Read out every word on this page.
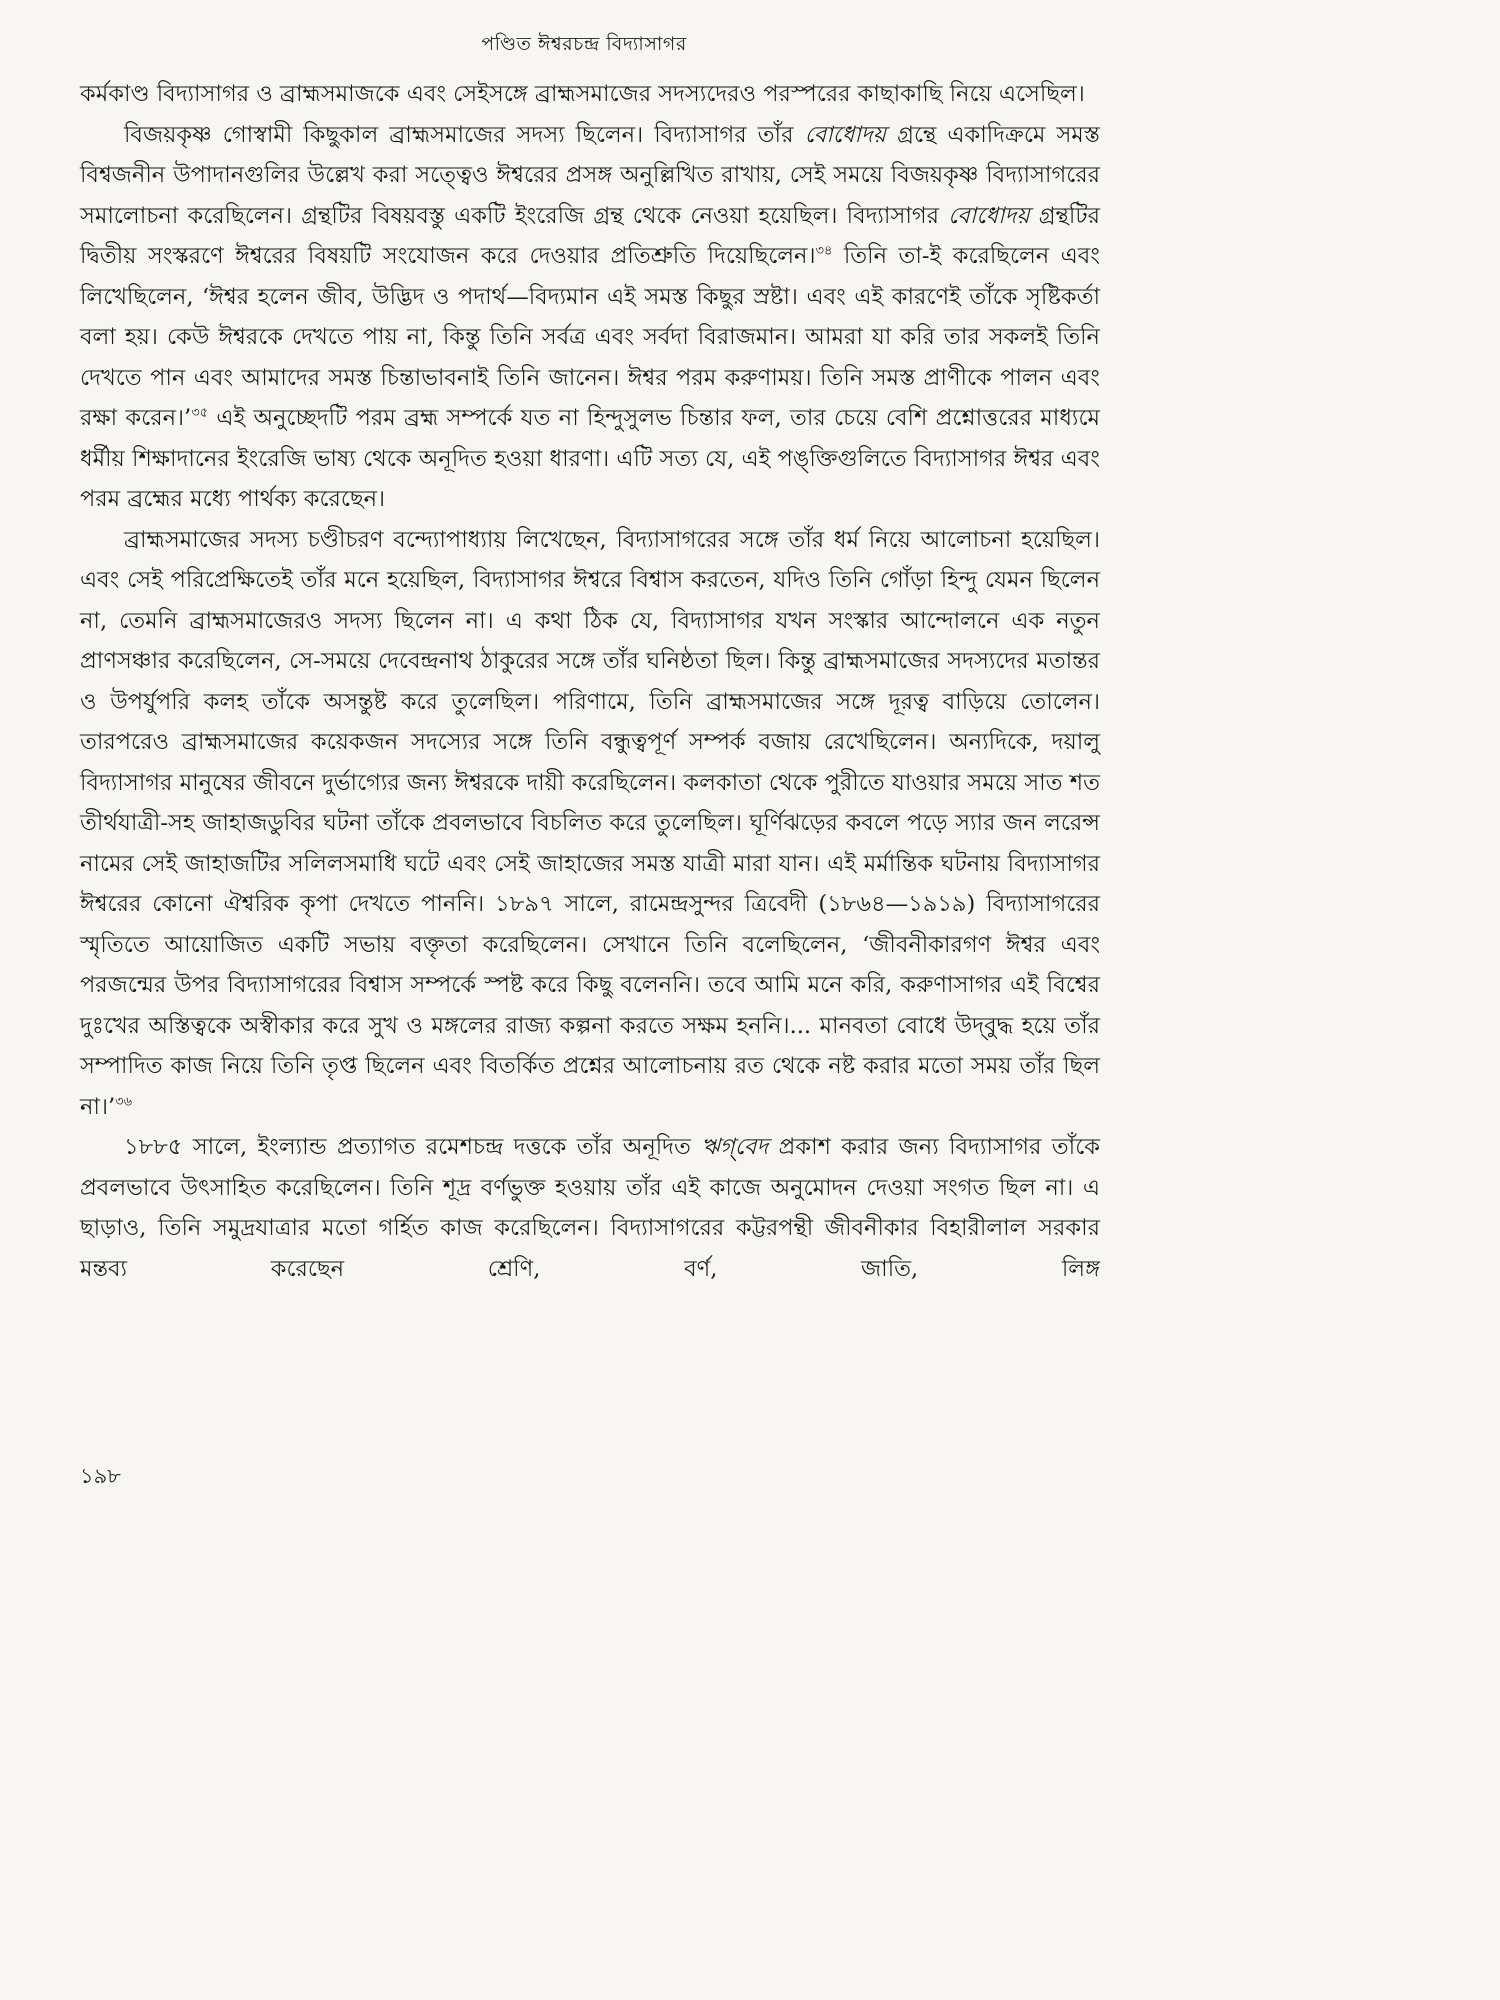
পণ্ডিত ঈশ্বরচন্দ্র বিদ্যাসাগর

কর্মকাণ্ড বিদ্যাসাগর ও ব্রাহ্মসমাজকে এবং সেইসঙ্গে ব্রাহ্মসমাজের সদস্যদেরও পরস্পরের কাছাকাছি নিয়ে এসেছিল।

বিজয়কৃষ্ণ গোস্বামী কিছুকাল ব্রাহ্মসমাজের সদস্য ছিলেন। বিদ্যাসাগর তাঁর বোধোদয় গ্রন্থে একাদিক্রমে সমস্ত বিশ্বজনীন উপাদানগুলির উল্লেখ করা সত্ত্বেও ঈশ্বরের প্রসঙ্গ অনুল্লিখিত রাখায়, সেই সময়ে বিজয়কৃষ্ণ বিদ্যাসাগরের সমালোচনা করেছিলেন। গ্রন্থটির বিষয়বস্তু একটি ইংরেজি গ্রন্থ থেকে নেওয়া হয়েছিল। বিদ্যাসাগর বোধোদয় গ্রন্থটির দ্বিতীয় সংস্করণে ঈশ্বরের বিষয়টি সংযোজন করে দেওয়ার প্রতিশ্রুতি দিয়েছিলেন।$^{৩৪}$ তিনি তা-ই করেছিলেন এবং লিখেছিলেন, ‘ঈশ্বর হলেন জীব, উদ্ভিদ ও পদার্থ—বিদ্যমান এই সমস্ত কিছুর স্রষ্টা। এবং এই কারণেই তাঁকে সৃষ্টিকর্তা বলা হয়। কেউ ঈশ্বরকে দেখতে পায় না, কিন্তু তিনি সর্বত্র এবং সর্বদা বিরাজমান। আমরা যা করি তার সকলই তিনি দেখতে পান এবং আমাদের সমস্ত চিন্তাভাবনাই তিনি জানেন। ঈশ্বর পরম করুণাময়। তিনি সমস্ত প্রাণীকে পালন এবং রক্ষা করেন।’$^{৩৫}$ এই অনুচ্ছেদটি পরম ব্রহ্ম সম্পর্কে যত না হিন্দুসুলভ চিন্তার ফল, তার চেয়ে বেশি প্রশ্নোত্তরের মাধ্যমে ধর্মীয় শিক্ষাদানের ইংরেজি ভাষ্য থেকে অনূদিত হওয়া ধারণা। এটি সত্য যে, এই পঙ্‌ক্তিগুলিতে বিদ্যাসাগর ঈশ্বর এবং পরম ব্রহ্মের মধ্যে পার্থক্য করেছেন।

ব্রাহ্মসমাজের সদস্য চণ্ডীচরণ বন্দ্যোপাধ্যায় লিখেছেন, বিদ্যাসাগরের সঙ্গে তাঁর ধর্ম নিয়ে আলোচনা হয়েছিল। এবং সেই পরিপ্রেক্ষিতেই তাঁর মনে হয়েছিল, বিদ্যাসাগর ঈশ্বরে বিশ্বাস করতেন, যদিও তিনি গোঁড়া হিন্দু যেমন ছিলেন না, তেমনি ব্রাহ্মসমাজেরও সদস্য ছিলেন না। এ কথা ঠিক যে, বিদ্যাসাগর যখন সংস্কার আন্দোলনে এক নতুন প্রাণসঞ্চার করেছিলেন, সে-সময়ে দেবেন্দ্রনাথ ঠাকুরের সঙ্গে তাঁর ঘনিষ্ঠতা ছিল। কিন্তু ব্রাহ্মসমাজের সদস্যদের মতান্তর ও উপর্যুপরি কলহ তাঁকে অসন্তুষ্ট করে তুলেছিল। পরিণামে, তিনি ব্রাহ্মসমাজের সঙ্গে দূরত্ব বাড়িয়ে তোলেন। তারপরেও ব্রাহ্মসমাজের কয়েকজন সদস্যের সঙ্গে তিনি বন্ধুত্বপূর্ণ সম্পর্ক বজায় রেখেছিলেন। অন্যদিকে, দয়ালু বিদ্যাসাগর মানুষের জীবনে দুর্ভাগ্যের জন্য ঈশ্বরকে দায়ী করেছিলেন। কলকাতা থেকে পুরীতে যাওয়ার সময়ে সাত শত তীর্থযাত্রী-সহ জাহাজডুবির ঘটনা তাঁকে প্রবলভাবে বিচলিত করে তুলেছিল। ঘূর্ণিঝড়ের কবলে পড়ে স্যার জন লরেন্স নামের সেই জাহাজটির সলিলসমাধি ঘটে এবং সেই জাহাজের সমস্ত যাত্রী মারা যান। এই মর্মান্তিক ঘটনায় বিদ্যাসাগর ঈশ্বরের কোনো ঐশ্বরিক কৃপা দেখতে পাননি। ১৮৯৭ সালে, রামেন্দ্রসুন্দর ত্রিবেদী (১৮৬৪—১৯১৯) বিদ্যাসাগরের স্মৃতিতে আয়োজিত একটি সভায় বক্তৃতা করেছিলেন। সেখানে তিনি বলেছিলেন, ‘জীবনীকারগণ ঈশ্বর এবং পরজন্মের উপর বিদ্যাসাগরের বিশ্বাস সম্পর্কে স্পষ্ট করে কিছু বলেননি। তবে আমি মনে করি, করুণাসাগর এই বিশ্বের দুঃখের অস্তিত্বকে অস্বীকার করে সুখ ও মঙ্গলের রাজ্য কল্পনা করতে সক্ষম হননি।... মানবতা বোধে উদ্‌বুদ্ধ হয়ে তাঁর সম্পাদিত কাজ নিয়ে তিনি তৃপ্ত ছিলেন এবং বিতর্কিত প্রশ্নের আলোচনায় রত থেকে নষ্ট করার মতো সময় তাঁর ছিল না।’$^{৩৬}$

১৮৮৫ সালে, ইংল্যান্ড প্রত্যাগত রমেশচন্দ্র দত্তকে তাঁর অনূদিত ঋগ্‌বেদ প্রকাশ করার জন্য বিদ্যাসাগর তাঁকে প্রবলভাবে উৎসাহিত করেছিলেন। তিনি শূদ্র বর্ণভুক্ত হওয়ায় তাঁর এই কাজে অনুমোদন দেওয়া সংগত ছিল না। এ ছাড়াও, তিনি সমুদ্রযাত্রার মতো গর্হিত কাজ করেছিলেন। বিদ্যাসাগরের কট্টরপন্থী জীবনীকার বিহারীলাল সরকার মন্তব্য করেছেন শ্রেণি, বর্ণ, জাতি, লিঙ্গ

১৯৮
